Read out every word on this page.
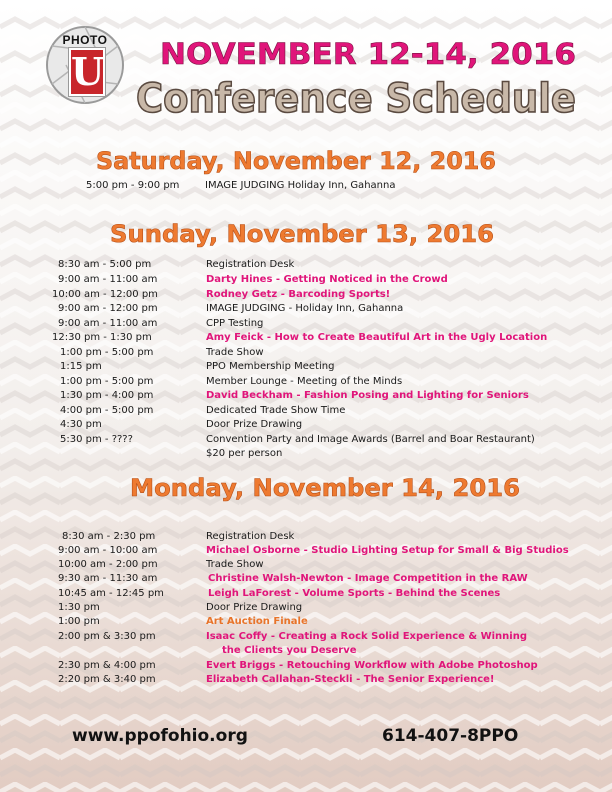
PHOTO
U NOVEMBER 12-14, 2016
Conference Schedule
Saturday, November 12, 2016
Sunday, November 13, 2016
Monday, November 14, 2016
5:00 pm - 9:00 pm	IMAGE JUDGING Holiday Inn, Gahanna
8:30 am - 5:00 pm	Registration Desk
9:00 am - 11:00 am	Darty Hines - Getting Noticed in the Crowd
10:00 am - 12:00 pm	Rodney Getz - Barcoding Sports!
9:00 am - 12:00 pm	IMAGE JUDGING - Holiday Inn, Gahanna
9:00 am - 11:00 am	CPP Testing
12:30 pm - 1:30 pm	Amy Feick - How to Create Beautiful Art in the Ugly Location
1:00 pm - 5:00 pm	Trade Show
1:15 pm	PPO Membership Meeting
1:00 pm - 5:00 pm	Member Lounge - Meeting of the Minds
1:30 pm - 4:00 pm	David Beckham - Fashion Posing and Lighting for Seniors
4:00 pm - 5:00 pm	Dedicated Trade Show Time
4:30 pm	Door Prize Drawing
5:30 pm - ????	Convention Party and Image Awards (Barrel and Boar Restaurant)
$20 per person
8:30 am - 2:30 pm	Registration Desk
9:00 am - 10:00 am	Michael Osborne - Studio Lighting Setup for Small & Big Studios
10:00 am - 2:00 pm	Trade Show
9:30 am - 11:30 am	Christine Walsh-Newton - Image Competition in the RAW
10:45 am - 12:45 pm	Leigh LaForest - Volume Sports - Behind the Scenes
1:30 pm	Door Prize Drawing
1:00 pm	Art Auction Finale
2:00 pm & 3:30 pm	Isaac Coffy - Creating a Rock Solid Experience & Winning
the Clients you Deserve
2:30 pm & 4:00 pm	Evert Briggs - Retouching Workflow with Adobe Photoshop
2:20 pm & 3:40 pm	Elizabeth Callahan-Steckli - The Senior Experience!
www.ppofohio.org	614-407-8PPO
